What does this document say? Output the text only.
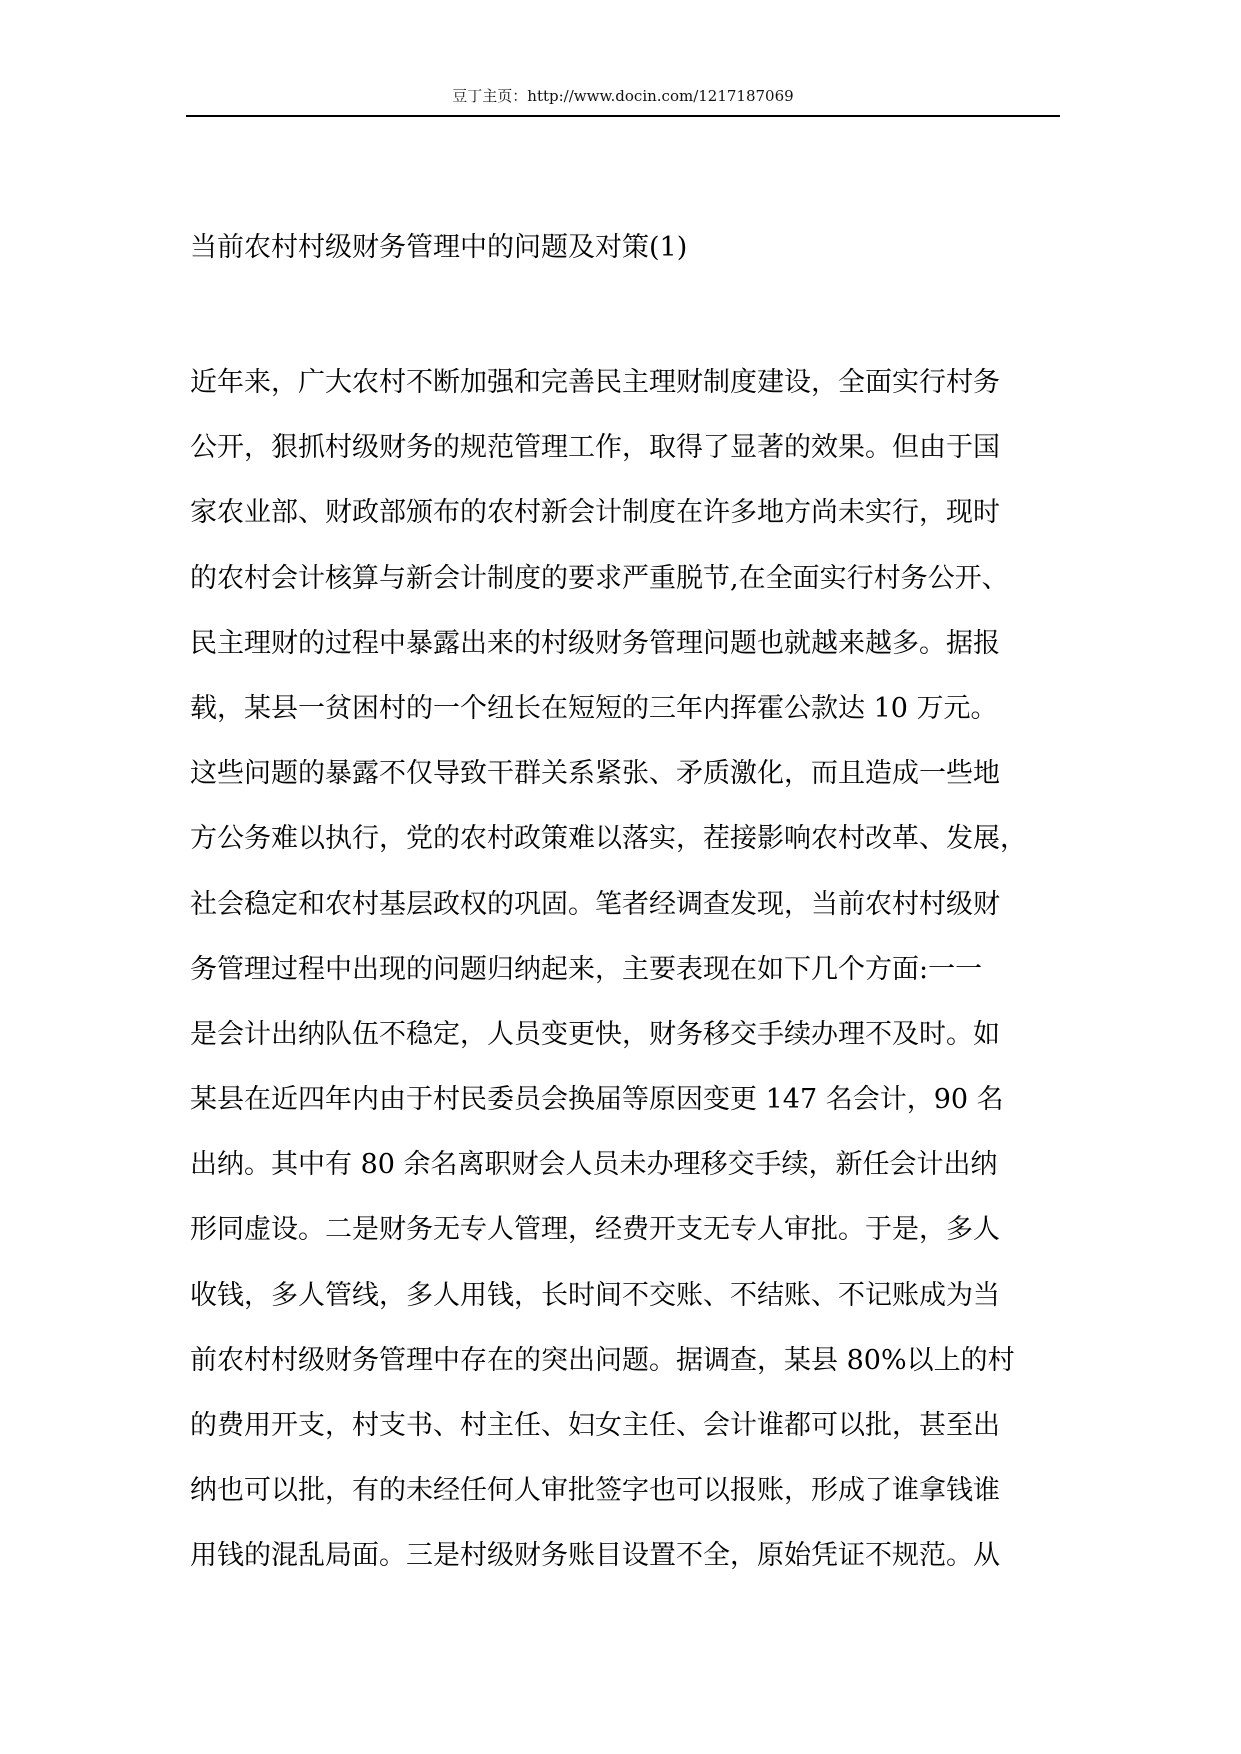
豆丁主页：http://www.docin.com/1217187069
当前农村村级财务管理中的问题及对策(1)
近年来，广大农村不断加强和完善民主理财制度建设，全面实行村务
公开，狠抓村级财务的规范管理工作，取得了显著的效果。但由于国
家农业部、财政部颁布的农村新会计制度在许多地方尚未实行，现时
的农村会计核算与新会计制度的要求严重脱节,在全面实行村务公开、
民主理财的过程中暴露出来的村级财务管理问题也就越来越多。据报
载，某县一贫困村的一个纽长在短短的三年内挥霍公款达 10 万元。
这些问题的暴露不仅导致干群关系紧张、矛质激化，而且造成一些地
方公务难以执行，党的农村政策难以落实，茬接影响农村改革、发展，
社会稳定和农村基层政权的巩固。笔者经调查发现，当前农村村级财
务管理过程中出现的问题归纳起来，主要表现在如下几个方面:一一
是会计出纳队伍不稳定，人员变更快，财务移交手续办理不及时。如
某县在近四年内由于村民委员会换届等原因变更 147 名会计，90 名
出纳。其中有 80 余名离职财会人员未办理移交手续，新任会计出纳
形同虚设。二是财务无专人管理，经费开支无专人审批。于是，多人
收钱，多人管线，多人用钱，长时间不交账、不结账、不记账成为当
前农村村级财务管理中存在的突出问题。据调查，某县 80%以上的村
的费用开支，村支书、村主任、妇女主任、会计谁都可以批，甚至出
纳也可以批，有的未经任何人审批签字也可以报账，形成了谁拿钱谁
用钱的混乱局面。三是村级财务账目设置不全，原始凭证不规范。从
